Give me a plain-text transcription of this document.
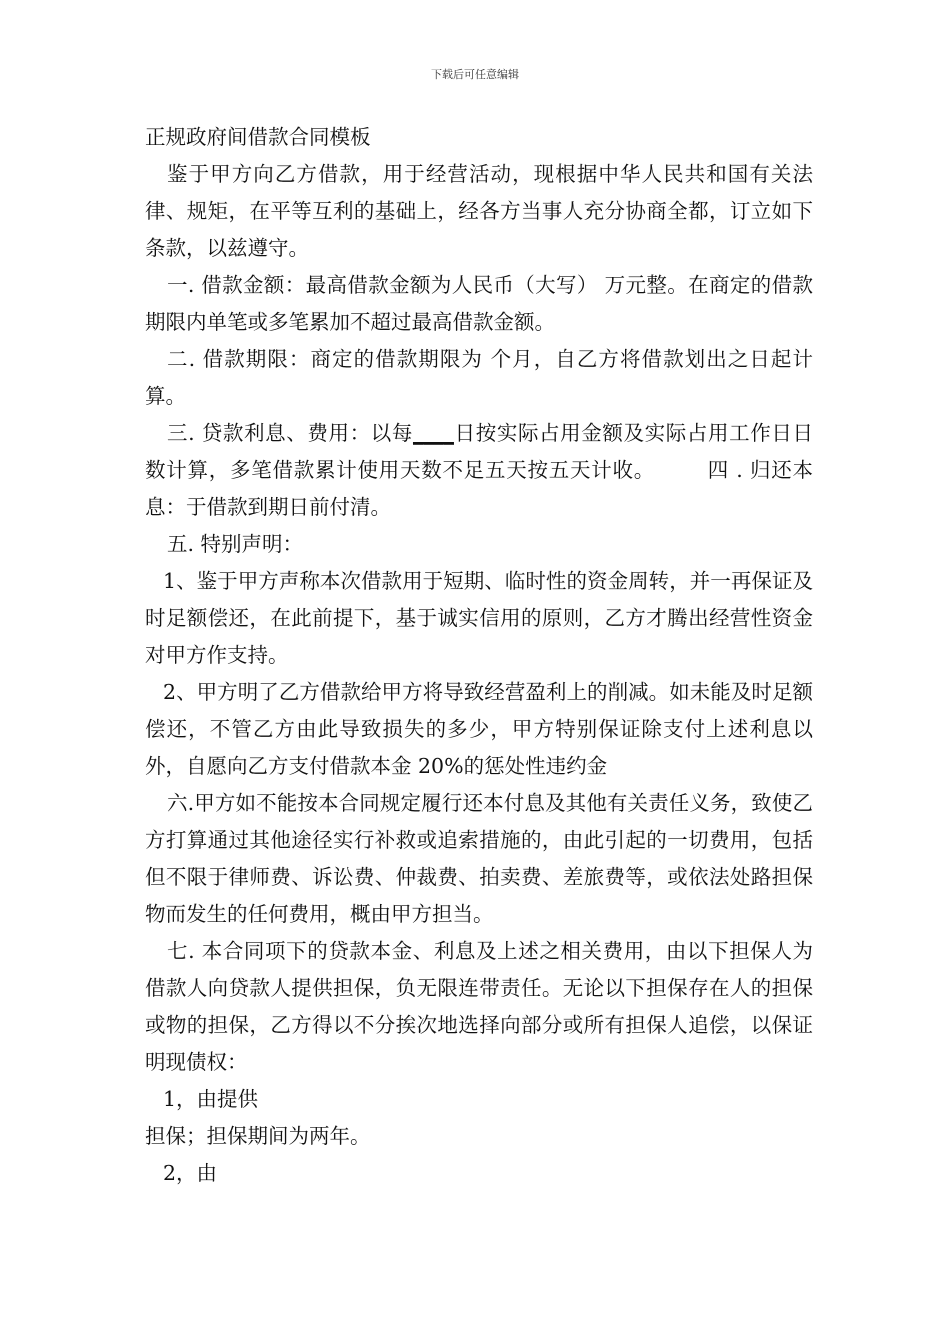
下载后可任意编辑

正规政府间借款合同模板

鉴于甲方向乙方借款，用于经营活动，现根据中华人民共和国有关法律、规矩，在平等互利的基础上，经各方当事人充分协商全都，订立如下条款，以兹遵守。

一. 借款金额：最高借款金额为人民币（大写） 万元整。在商定的借款期限内单笔或多笔累加不超过最高借款金额。

二. 借款期限：商定的借款期限为 个月，自乙方将借款划出之日起计算。

三. 贷款利息、费用：以每____日按实际占用金额及实际占用工作日日数计算，多笔借款累计使用天数不足五天按五天计收。	四 . 归还本息：于借款到期日前付清。

五. 特别声明：

1、鉴于甲方声称本次借款用于短期、临时性的资金周转，并一再保证及时足额偿还，在此前提下，基于诚实信用的原则，乙方才腾出经营性资金对甲方作支持。

2、甲方明了乙方借款给甲方将导致经营盈利上的削减。如未能及时足额偿还，不管乙方由此导致损失的多少，甲方特别保证除支付上述利息以外，自愿向乙方支付借款本金 20%的惩处性违约金

六.甲方如不能按本合同规定履行还本付息及其他有关责任义务，致使乙方打算通过其他途径实行补救或追索措施的，由此引起的一切费用，包括但不限于律师费、诉讼费、仲裁费、拍卖费、差旅费等，或依法处路担保物而发生的任何费用，概由甲方担当。

七. 本合同项下的贷款本金、利息及上述之相关费用，由以下担保人为借款人向贷款人提供担保，负无限连带责任。无论以下担保存在人的担保或物的担保，乙方得以不分挨次地选择向部分或所有担保人追偿，以保证明现债权：

1，由提供

担保；担保期间为两年。

2，由
